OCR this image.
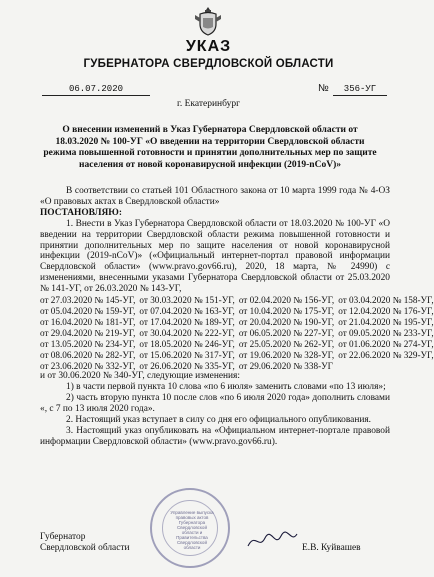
УКАЗ
ГУБЕРНАТОРА СВЕРДЛОВСКОЙ ОБЛАСТИ
06.07.2020	№	356-УГ
г. Екатеринбург
О внесении изменений в Указ Губернатора Свердловской области от 18.03.2020 № 100-УГ «О введении на территории Свердловской области режима повышенной готовности и принятии дополнительных мер по защите населения от новой коронавирусной инфекции (2019-nCoV)»

В соответствии со статьей 101 Областного закона от 10 марта 1999 года № 4-ОЗ «О правовых актах в Свердловской области»

ПОСТАНОВЛЯЮ:

1. Внести в Указ Губернатора Свердловской области от 18.03.2020 № 100-УГ «О введении на территории Свердловской области режима повышенной готовности и принятии дополнительных мер по защите населения от новой коронавирусной инфекции (2019-nCoV)» («Официальный интернет-портал правовой информации Свердловской области» (www.pravo.gov66.ru), 2020, 18 марта, № 24990) с изменениями, внесенными указами Губернатора Свердловской области от 25.03.2020 № 141-УГ, от 26.03.2020 № 143-УГ,

от 27.03.2020 № 145-УГ, от 30.03.2020 № 151-УГ, от 02.04.2020 № 156-УГ, от 03.04.2020 № 158-УГ,
от 05.04.2020 № 159-УГ, от 07.04.2020 № 163-УГ, от 10.04.2020 № 175-УГ, от 12.04.2020 № 176-УГ,
от 16.04.2020 № 181-УГ, от 17.04.2020 № 189-УГ, от 20.04.2020 № 190-УГ, от 21.04.2020 № 195-УГ,
от 29.04.2020 № 219-УГ, от 30.04.2020 № 222-УГ, от 06.05.2020 № 227-УГ, от 09.05.2020 № 233-УГ,
от 13.05.2020 № 234-УГ, от 18.05.2020 № 246-УГ, от 25.05.2020 № 262-УГ, от 01.06.2020 № 274-УГ,
от 08.06.2020 № 282-УГ, от 15.06.2020 № 317-УГ, от 19.06.2020 № 328-УГ, от 22.06.2020 № 329-УГ,
от 23.06.2020 № 332-УГ, от 26.06.2020 № 335-УГ, от 29.06.2020 № 338-УГ

и от 30.06.2020 № 340-УГ, следующие изменения:

1) в части первой пункта 10 слова «по 6 июля» заменить словами «по 13 июля»;

2) часть вторую пункта 10 после слов «по 6 июля 2020 года» дополнить словами «, с 7 по 13 июля 2020 года».

2. Настоящий указ вступает в силу со дня его официального опубликования.

3. Настоящий указ опубликовать на «Официальном интернет-портале правовой информации Свердловской области» (www.pravo.gov66.ru).

Управление выпуска правовых актов Губернатора Свердловской области и Правительства Свердловской области
Губернатор
Свердловской области	Е.В. Куйвашев
